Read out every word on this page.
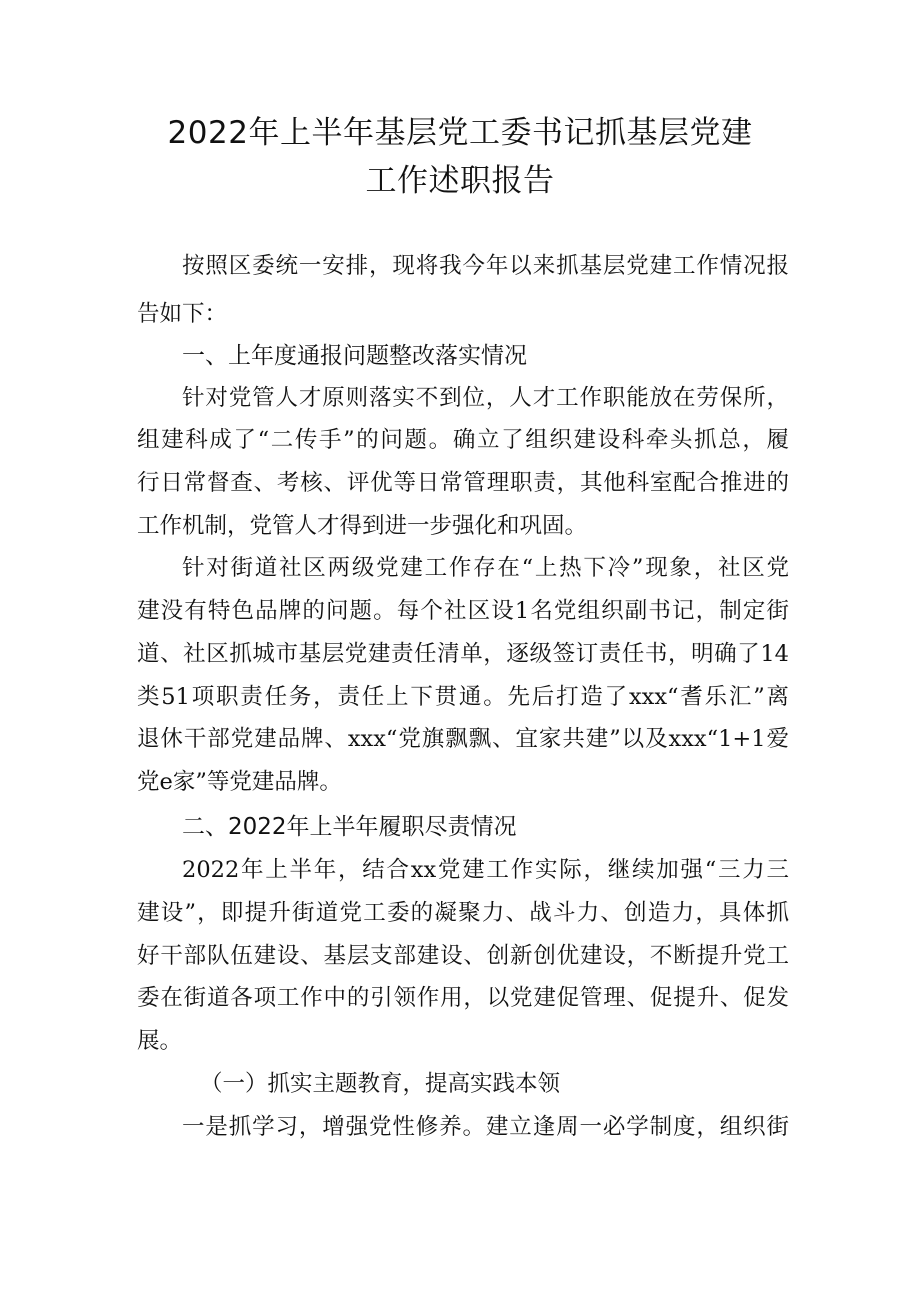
2022年上半年基层党工委书记抓基层党建
工作述职报告
按照区委统一安排，现将我今年以来抓基层党建工作情况报
告如下：
一、上年度通报问题整改落实情况
针对党管人才原则落实不到位，人才工作职能放在劳保所，
组建科成了“二传手”的问题。确立了组织建设科牵头抓总，履
行日常督查、考核、评优等日常管理职责，其他科室配合推进的
工作机制，党管人才得到进一步强化和巩固。
针对街道社区两级党建工作存在“上热下冷”现象，社区党
建没有特色品牌的问题。每个社区设1名党组织副书记，制定街
道、社区抓城市基层党建责任清单，逐级签订责任书，明确了14
类51项职责任务，责任上下贯通。先后打造了xxx“耆乐汇”离
退休干部党建品牌、xxx“党旗飘飘、宜家共建”以及xxx“1+1爱
党e家”等党建品牌。
二、2022年上半年履职尽责情况
2022年上半年，结合xx党建工作实际，继续加强“三力三
建设”，即提升街道党工委的凝聚力、战斗力、创造力，具体抓
好干部队伍建设、基层支部建设、创新创优建设，不断提升党工
委在街道各项工作中的引领作用，以党建促管理、促提升、促发
展。
（一）抓实主题教育，提高实践本领
一是抓学习，增强党性修养。建立逢周一必学制度，组织街
